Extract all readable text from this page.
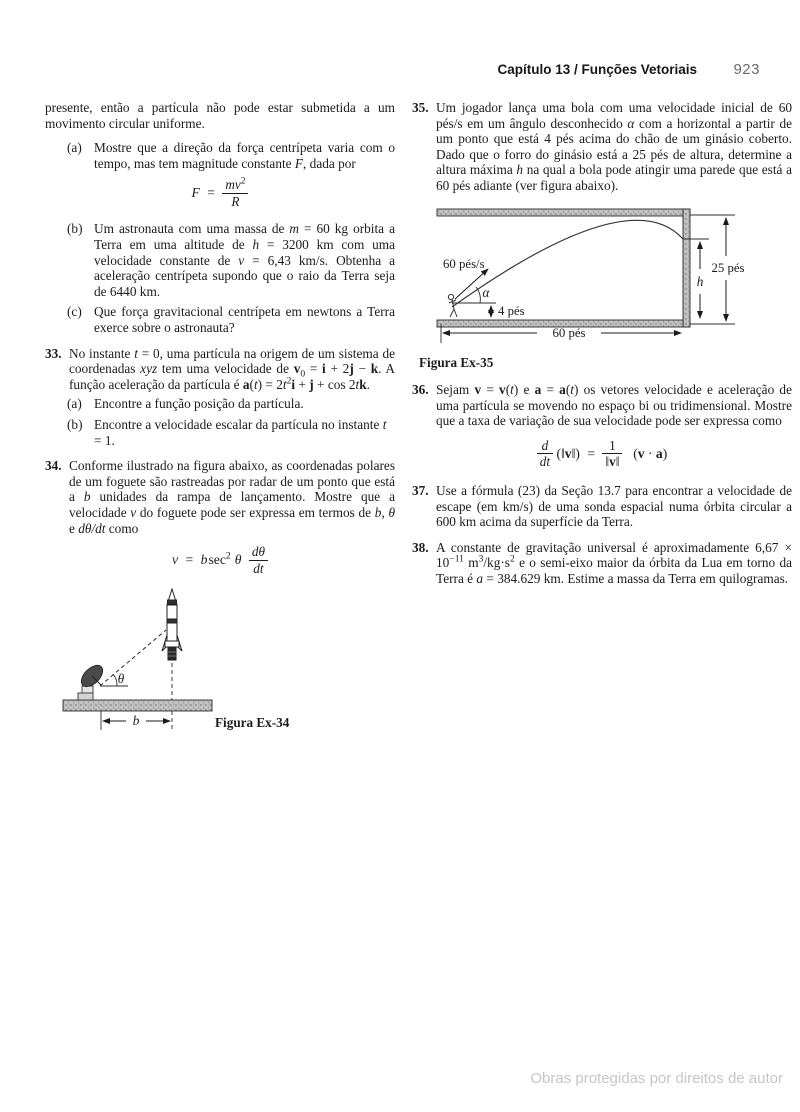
Capítulo 13 / Funções Vetoriais 923
presente, então a partícula não pode estar submetida a um movimento circular uniforme.
(a) Mostre que a direção da força centrípeta varia com o tempo, mas tem magnitude constante F, dada por
$F = \frac{mv^2}{R}$
(b) Um astronauta com uma massa de m = 60 kg orbita a Terra em uma altitude de h = 3200 km com uma velocidade constante de v = 6,43 km/s. Obtenha a aceleração centrípeta supondo que o raio da Terra seja de 6440 km.
(c) Que força gravitacional centrípeta em newtons a Terra exerce sobre o astronauta?
33. No instante t = 0, uma partícula na origem de um sistema de coordenadas xyz tem uma velocidade de $v_0 = i + 2j - k$. A função aceleração da partícula é $a(t) = 2t^2i + j + \cos 2tk$.
(a) Encontre a função posição da partícula.
(b) Encontre a velocidade escalar da partícula no instante t = 1.
34. Conforme ilustrado na figura abaixo, as coordenadas polares de um foguete são rastreadas por radar de um ponto que está a b unidades da rampa de lançamento. Mostre que a velocidade v do foguete pode ser expressa em termos de b, θ e dθ/dt como
v = b $\sec^2 \theta \frac{d\theta}{dt}$
θ
b	Figura Ex-34
35. Um jogador lança uma bola com uma velocidade inicial de 60 pés/s em um ângulo desconhecido α com a horizontal a partir de um ponto que está 4 pés acima do chão de um ginásio coberto. Dado que o forro do ginásio está a 25 pés de altura, determine a altura máxima h na qual a bola pode atingir uma parede que está a 60 pés adiante (ver figura abaixo).
60 pés/s
α
4 pés
60 pés
h
25 pés
Figura Ex-35
36. Sejam v = v(t) e a = a(t) os vetores velocidade e aceleração de uma partícula se movendo no espaço bi ou tridimensional. Mostre que a taxa de variação de sua velocidade pode ser expressa como
$\frac{d}{dt}$ (‖v‖) = $\frac{1}{‖v‖} (v \cdot a)$
37. Use a fórmula (23) da Seção 13.7 para encontrar a velocidade de escape (em km/s) de uma sonda espacial numa órbita circular a 600 km acima da superfície da Terra.
38. A constante de gravitação universal é aproximadamente $6,67 \times 10^{-11}$ $m^3/kg\cdot s^2$ e o semi-eixo maior da órbita da Lua em torno da Terra é a = 384.629 km. Estime a massa da Terra em quilogramas.
Obras protegidas por direitos de autor
